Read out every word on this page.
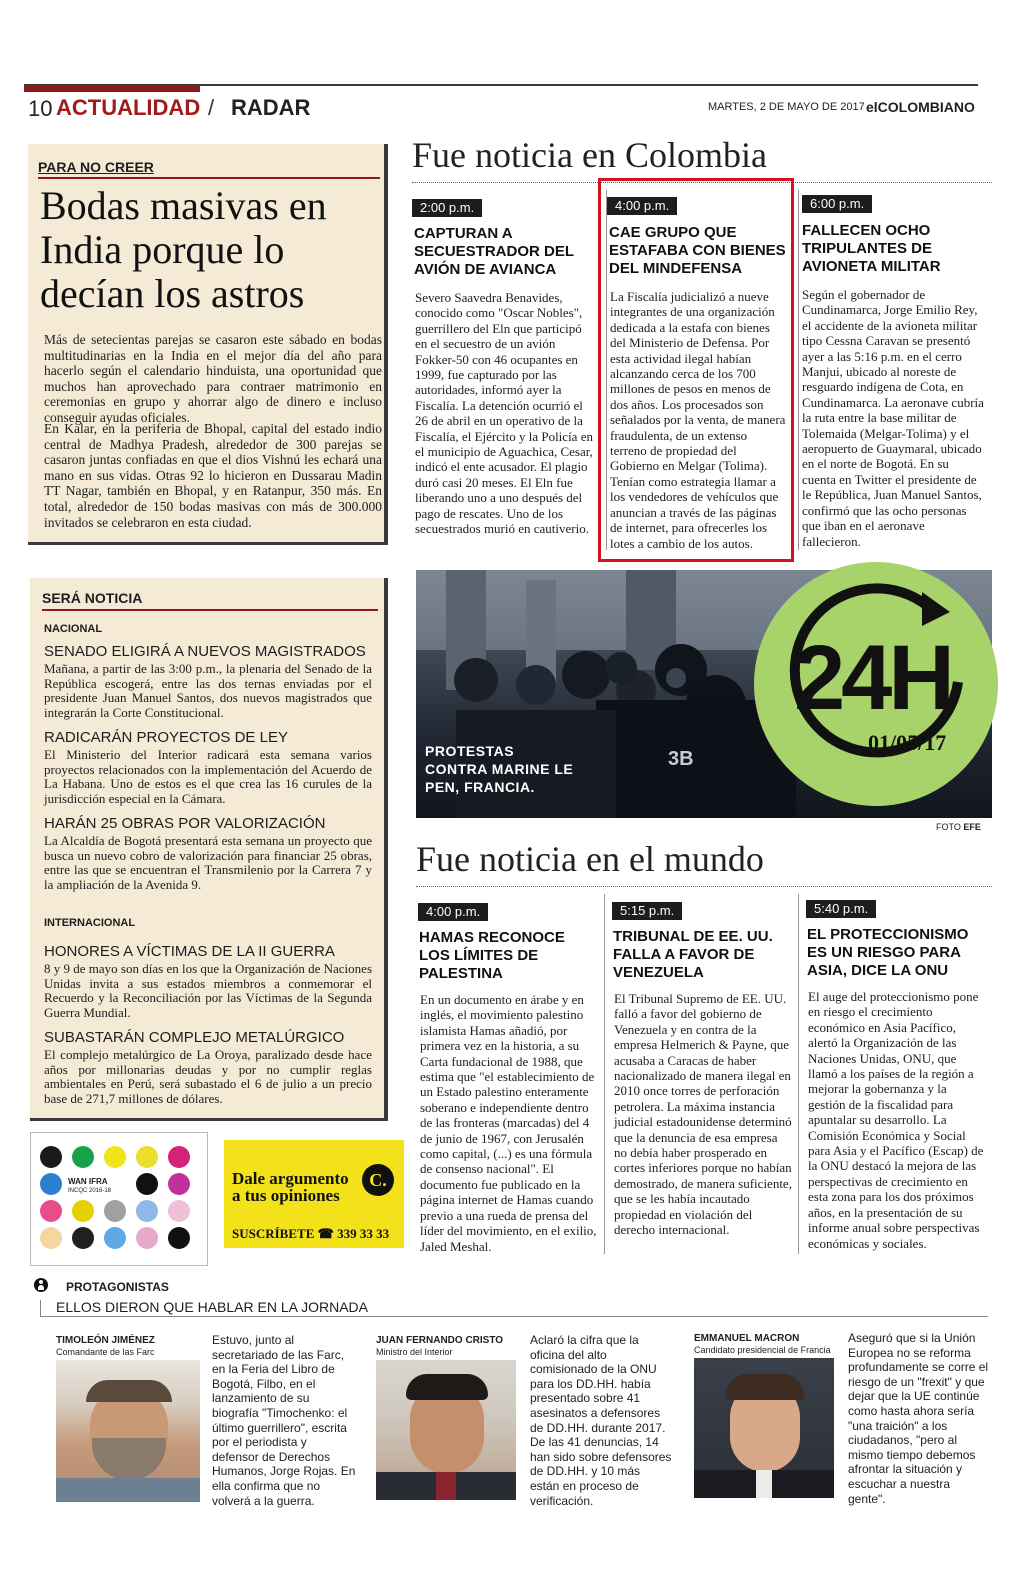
10 ACTUALIDAD / RADAR	MARTES, 2 DE MAYO DE 2017 elCOLOMBIANO
PARA NO CREER
Bodas masivas en India porque lo decían los astros
Más de setecientas parejas se casaron este sábado en bodas multitudinarias en la India en el mejor día del año para hacerlo según el calendario hinduista, una oportunidad que muchos han aprovechado para contraer matrimonio en ceremonias en grupo y ahorrar algo de dinero e incluso conseguir ayudas oficiales.
En Kalar, en la periferia de Bhopal, capital del estado indio central de Madhya Pradesh, alrededor de 300 parejas se casaron juntas confiadas en que el dios Vishnú les echará una mano en sus vidas. Otras 92 lo hicieron en Dussarau Madin TT Nagar, también en Bhopal, y en Ratanpur, 350 más. En total, alrededor de 150 bodas masivas con más de 300.000 invitados se celebraron en esta ciudad.
Fue noticia en Colombia
2:00 p.m.
CAPTURAN A SECUESTRADOR DEL AVIÓN DE AVIANCA
Severo Saavedra Benavides, conocido como "Oscar Nobles", guerrillero del Eln que participó en el secuestro de un avión Fokker-50 con 46 ocupantes en 1999, fue capturado por las autoridades, informó ayer la Fiscalía. La detención ocurrió el 26 de abril en un operativo de la Fiscalía, el Ejército y la Policía en el municipio de Aguachica, Cesar, indicó el ente acusador. El plagio duró casi 20 meses. El Eln fue liberando uno a uno después del pago de rescates. Uno de los secuestrados murió en cautiverio.
4:00 p.m.
CAE GRUPO QUE ESTAFABA CON BIENES DEL MINDEFENSA
La Fiscalía judicializó a nueve integrantes de una organización dedicada a la estafa con bienes del Ministerio de Defensa. Por esta actividad ilegal habían alcanzando cerca de los 700 millones de pesos en menos de dos años. Los procesados son señalados por la venta, de manera fraudulenta, de un extenso terreno de propiedad del Gobierno en Melgar (Tolima). Tenían como estrategia llamar a los vendedores de vehículos que anuncian a través de las páginas de internet, para ofrecerles los lotes a cambio de los autos.
6:00 p.m.
FALLECEN OCHO TRIPULANTES DE AVIONETA MILITAR
Según el gobernador de Cundinamarca, Jorge Emilio Rey, el accidente de la avioneta militar tipo Cessna Caravan se presentó ayer a las 5:16 p.m. en el cerro Manjui, ubicado al noreste de resguardo indígena de Cota, en Cundinamarca. La aeronave cubría la ruta entre la base militar de Tolemaida (Melgar-Tolima) y el aeropuerto de Guaymaral, ubicado en el norte de Bogotá. En su cuenta en Twitter el presidente de le República, Juan Manuel Santos, confirmó que las ocho personas que iban en el aeronave fallecieron.
SERÁ NOTICIA
NACIONAL
SENADO ELIGIRÁ A NUEVOS MAGISTRADOS
Mañana, a partir de las 3:00 p.m., la plenaria del Senado de la República escogerá, entre las dos ternas enviadas por el presidente Juan Manuel Santos, dos nuevos magistrados que integrarán la Corte Constitucional.
RADICARÁN PROYECTOS DE LEY
El Ministerio del Interior radicará esta semana varios proyectos relacionados con la implementación del Acuerdo de La Habana. Uno de estos es el que crea las 16 curules de la jurisdicción especial en la Cámara.
HARÁN 25 OBRAS POR VALORIZACIÓN
La Alcaldía de Bogotá presentará esta semana un proyecto que busca un nuevo cobro de valorización para financiar 25 obras, entre las que se encuentran el Transmilenio por la Carrera 7 y la ampliación de la Avenida 9.
INTERNACIONAL
HONORES A VÍCTIMAS DE LA II GUERRA
8 y 9 de mayo son días en los que la Organización de Naciones Unidas invita a sus estados miembros a conmemorar el Recuerdo y la Reconciliación por las Víctimas de la Segunda Guerra Mundial.
SUBASTARÁN COMPLEJO METALÚRGICO
El complejo metalúrgico de La Oroya, paralizado desde hace años por millonarias deudas y por no cumplir reglas ambientales en Perú, será subastado el 6 de julio a un precio base de 271,7 millones de dólares.
3B
PROTESTAS CONTRA MARINE LE PEN, FRANCIA.
24H
01/05/17
FOTO EFE
Fue noticia en el mundo
4:00 p.m.
HAMAS RECONOCE LOS LÍMITES DE PALESTINA
En un documento en árabe y en inglés, el movimiento palestino islamista Hamas añadió, por primera vez en la historia, a su Carta fundacional de 1988, que estima que "el establecimiento de un Estado palestino enteramente soberano e independiente dentro de las fronteras (marcadas) del 4 de junio de 1967, con Jerusalén como capital, (...) es una fórmula de consenso nacional". El documento fue publicado en la página internet de Hamas cuando previo a una rueda de prensa del líder del movimiento, en el exilio, Jaled Meshal.
5:15 p.m.
TRIBUNAL DE EE. UU. FALLA A FAVOR DE VENEZUELA
El Tribunal Supremo de EE. UU. falló a favor del gobierno de Venezuela y en contra de la empresa Helmerich & Payne, que acusaba a Caracas de haber nacionalizado de manera ilegal en 2010 once torres de perforación petrolera. La máxima instancia judicial estadounidense determinó que la denuncia de esa empresa no debía haber prosperado en cortes inferiores porque no habían demostrado, de manera suficiente, que se les había incautado propiedad en violación del derecho internacional.
5:40 p.m.
EL PROTECCIONISMO ES UN RIESGO PARA ASIA, DICE LA ONU
El auge del proteccionismo pone en riesgo el crecimiento económico en Asia Pacífico, alertó la Organización de las Naciones Unidas, ONU, que llamó a los países de la región a mejorar la gobernanza y la gestión de la fiscalidad para apuntalar su desarrollo. La Comisión Económica y Social para Asia y el Pacífico (Escap) de la ONU destacó la mejora de las perspectivas de crecimiento en esta zona para los dos próximos años, en la presentación de su informe anual sobre perspectivas económicas y sociales.
WAN IFRA
INCQC 2016-18
Dale argumento
a tus opiniones
C.
SUSCRÍBETE ☎ 339 33 33
PROTAGONISTAS
ELLOS DIERON QUE HABLAR EN LA JORNADA
TIMOLEÓN JIMÉNEZ
Comandante de las Farc
Estuvo, junto al secretariado de las Farc, en la Feria del Libro de Bogotá, Filbo, en el lanzamiento de su biografía "Timochenko: el último guerrillero", escrita por el periodista y defensor de Derechos Humanos, Jorge Rojas. En ella confirma que no volverá a la guerra.
JUAN FERNANDO CRISTO
Ministro del Interior
Aclaró la cifra que la oficina del alto comisionado de la ONU para los DD.HH. había presentado sobre 41 asesinatos a defensores de DD.HH. durante 2017. De las 41 denuncias, 14 han sido sobre defensores de DD.HH. y 10 más están en proceso de verificación.
EMMANUEL MACRON
Candidato presidencial de Francia
Aseguró que si la Unión Europea no se reforma profundamente se corre el riesgo de un "frexit" y que dejar que la UE continúe como hasta ahora sería "una traición" a los ciudadanos, "pero al mismo tiempo debemos afrontar la situación y escuchar a nuestra gente".
